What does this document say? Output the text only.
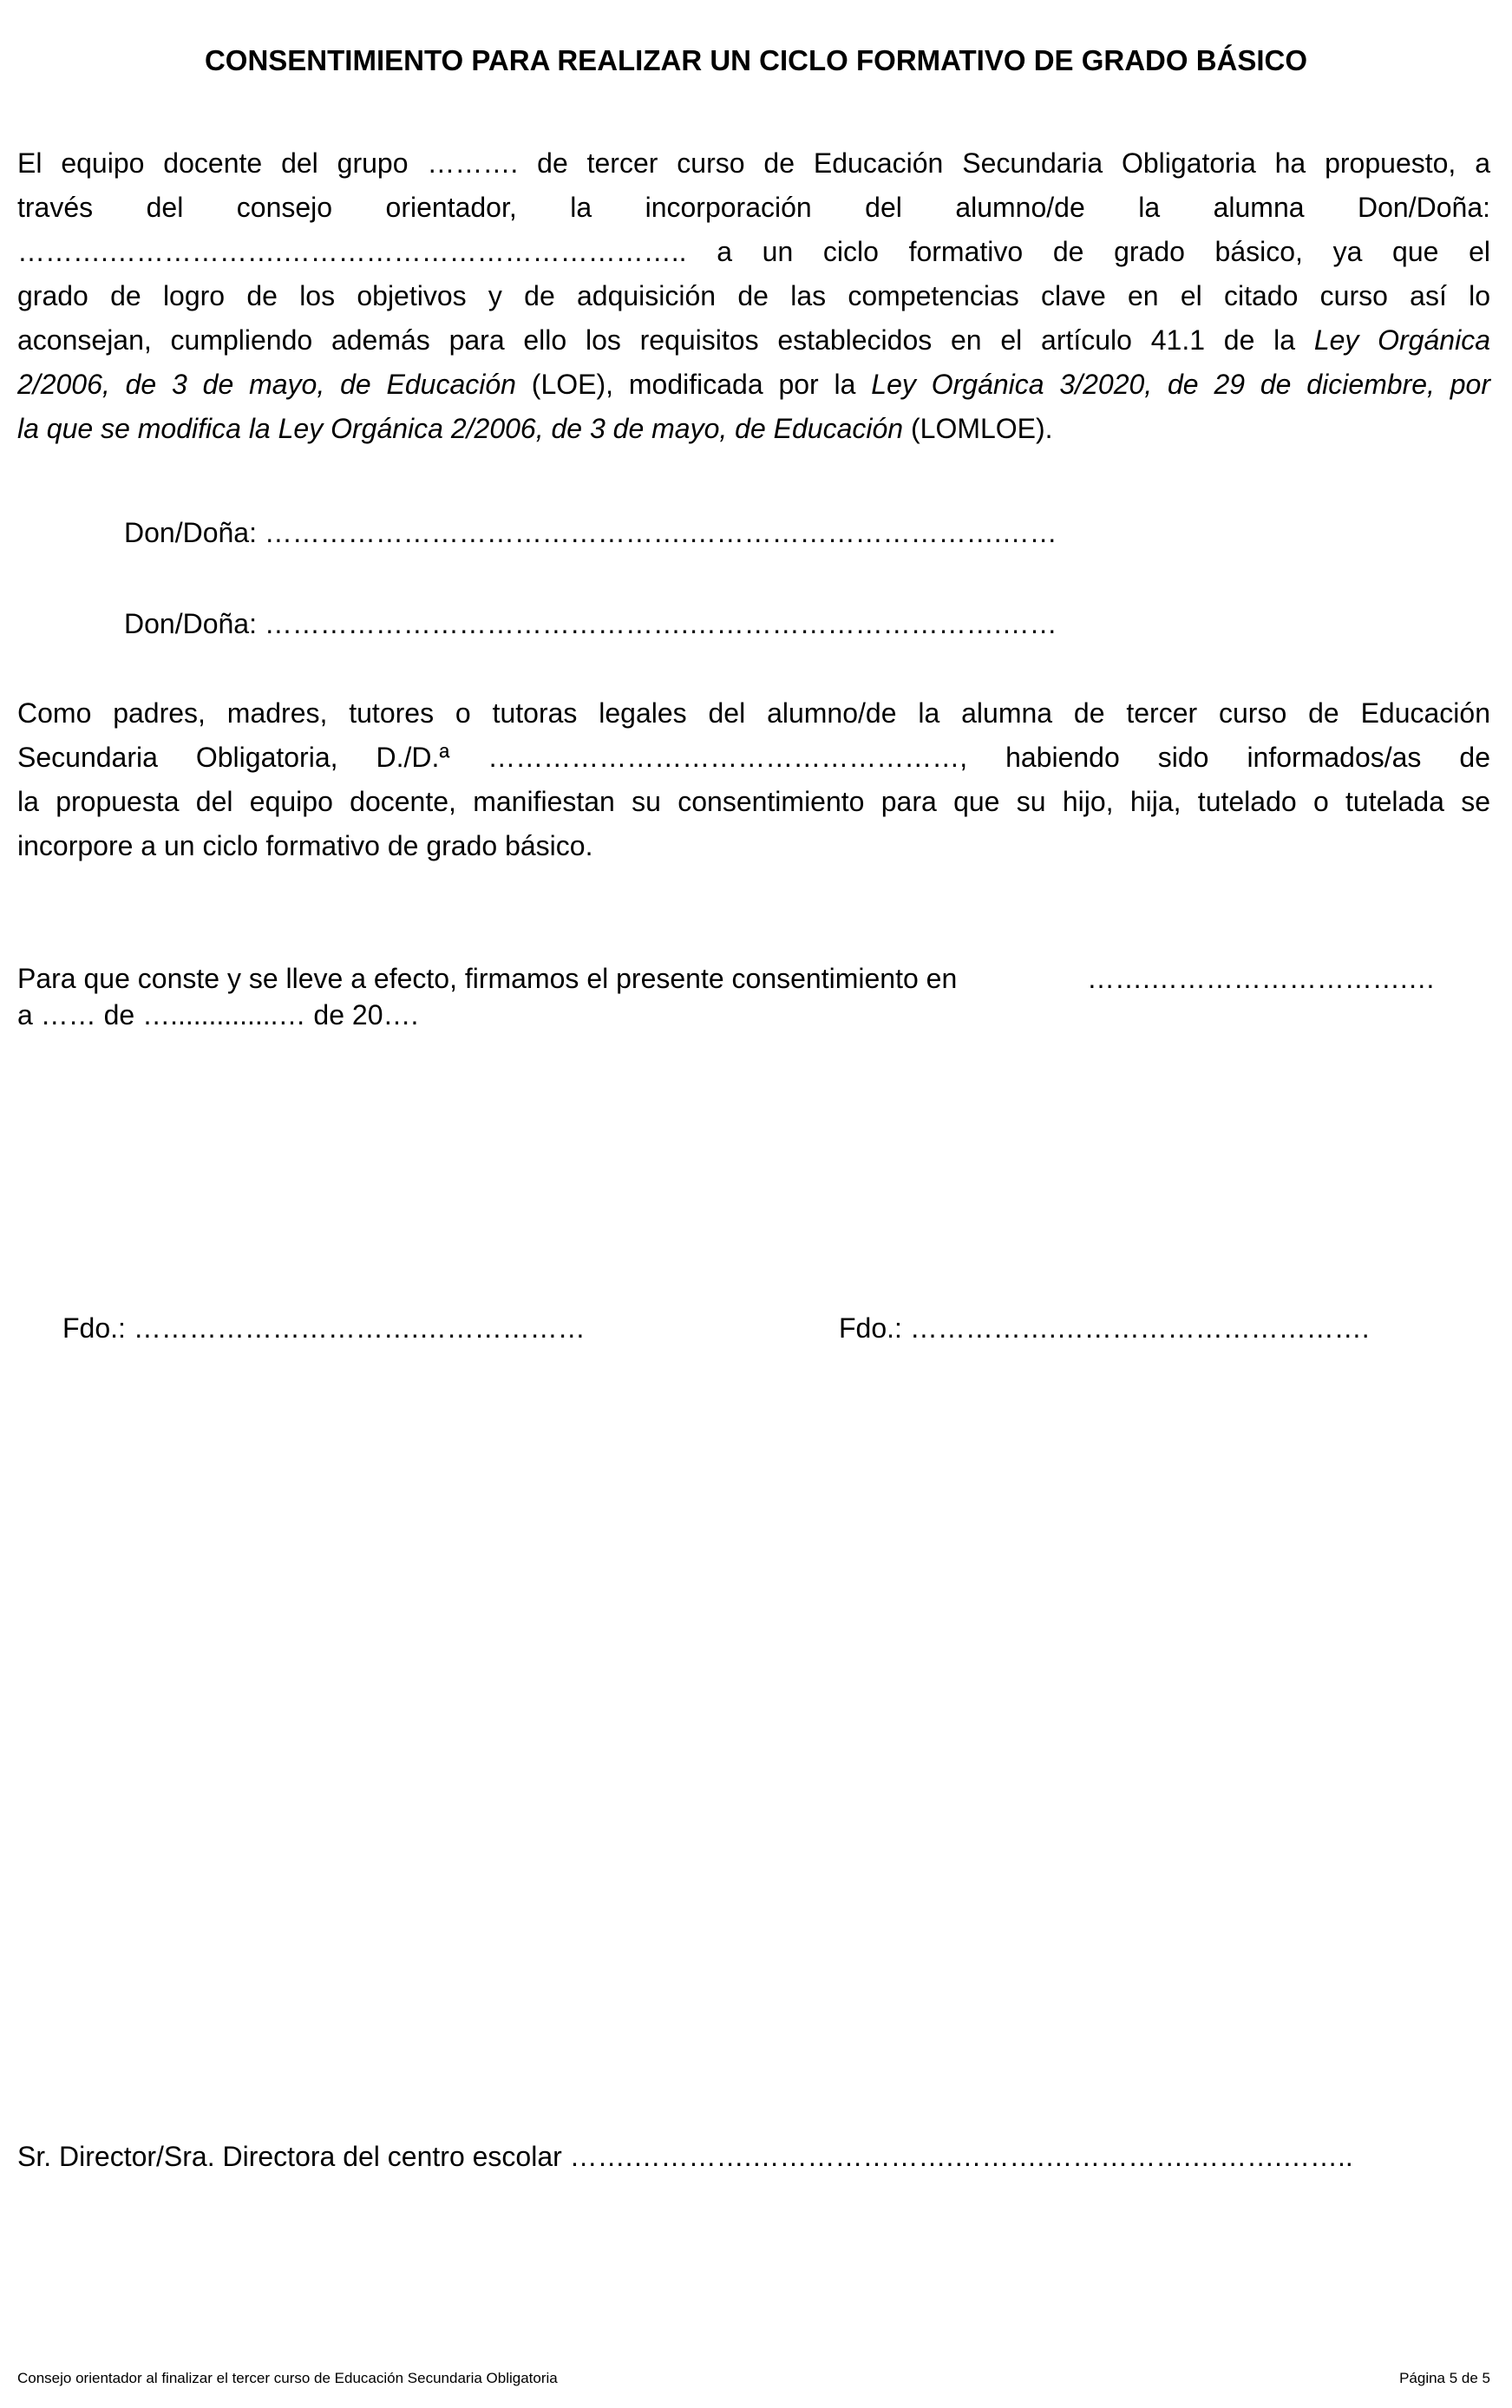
CONSENTIMIENTO PARA REALIZAR UN CICLO FORMATIVO DE GRADO BÁSICO
El equipo docente del grupo ………. de tercer curso de Educación Secundaria Obligatoria ha propuesto, a
través del consejo orientador, la incorporación del alumno/de la alumna Don/Doña:
……….……………….…………………………………….. a un ciclo formativo de grado básico, ya que el
grado de logro de los objetivos y de adquisición de las competencias clave en el citado curso así lo
aconsejan, cumpliendo además para ello los requisitos establecidos en el artículo 41.1 de la Ley Orgánica
2/2006, de 3 de mayo, de Educación (LOE), modificada por la Ley Orgánica 3/2020, de 29 de diciembre, por
la que se modifica la Ley Orgánica 2/2006, de 3 de mayo, de Educación (LOMLOE).
Don/Doña: ……………………………………….…………………………….……
Don/Doña: ……………………………………….…………………………….……
Como padres, madres, tutores o tutoras legales del alumno/de la alumna de tercer curso de Educación
Secundaria Obligatoria, D./D.ª ……………………………………………, habiendo sido informados/as de
la propuesta del equipo docente, manifiestan su consentimiento para que su hijo, hija, tutelado o tutelada se
incorpore a un ciclo formativo de grado básico.
Para que conste y se lleve a efecto, firmamos el presente consentimiento en	…….……………………….…
a …… de …..............… de 20….
Fdo.: ………………………….………………	Fdo.: …………….…………………………….
Sr. Director/Sra. Directora del centro escolar …….………….………………….……….…………….……….……..
Consejo orientador al finalizar el tercer curso de Educación Secundaria Obligatoria	Página 5 de 5
